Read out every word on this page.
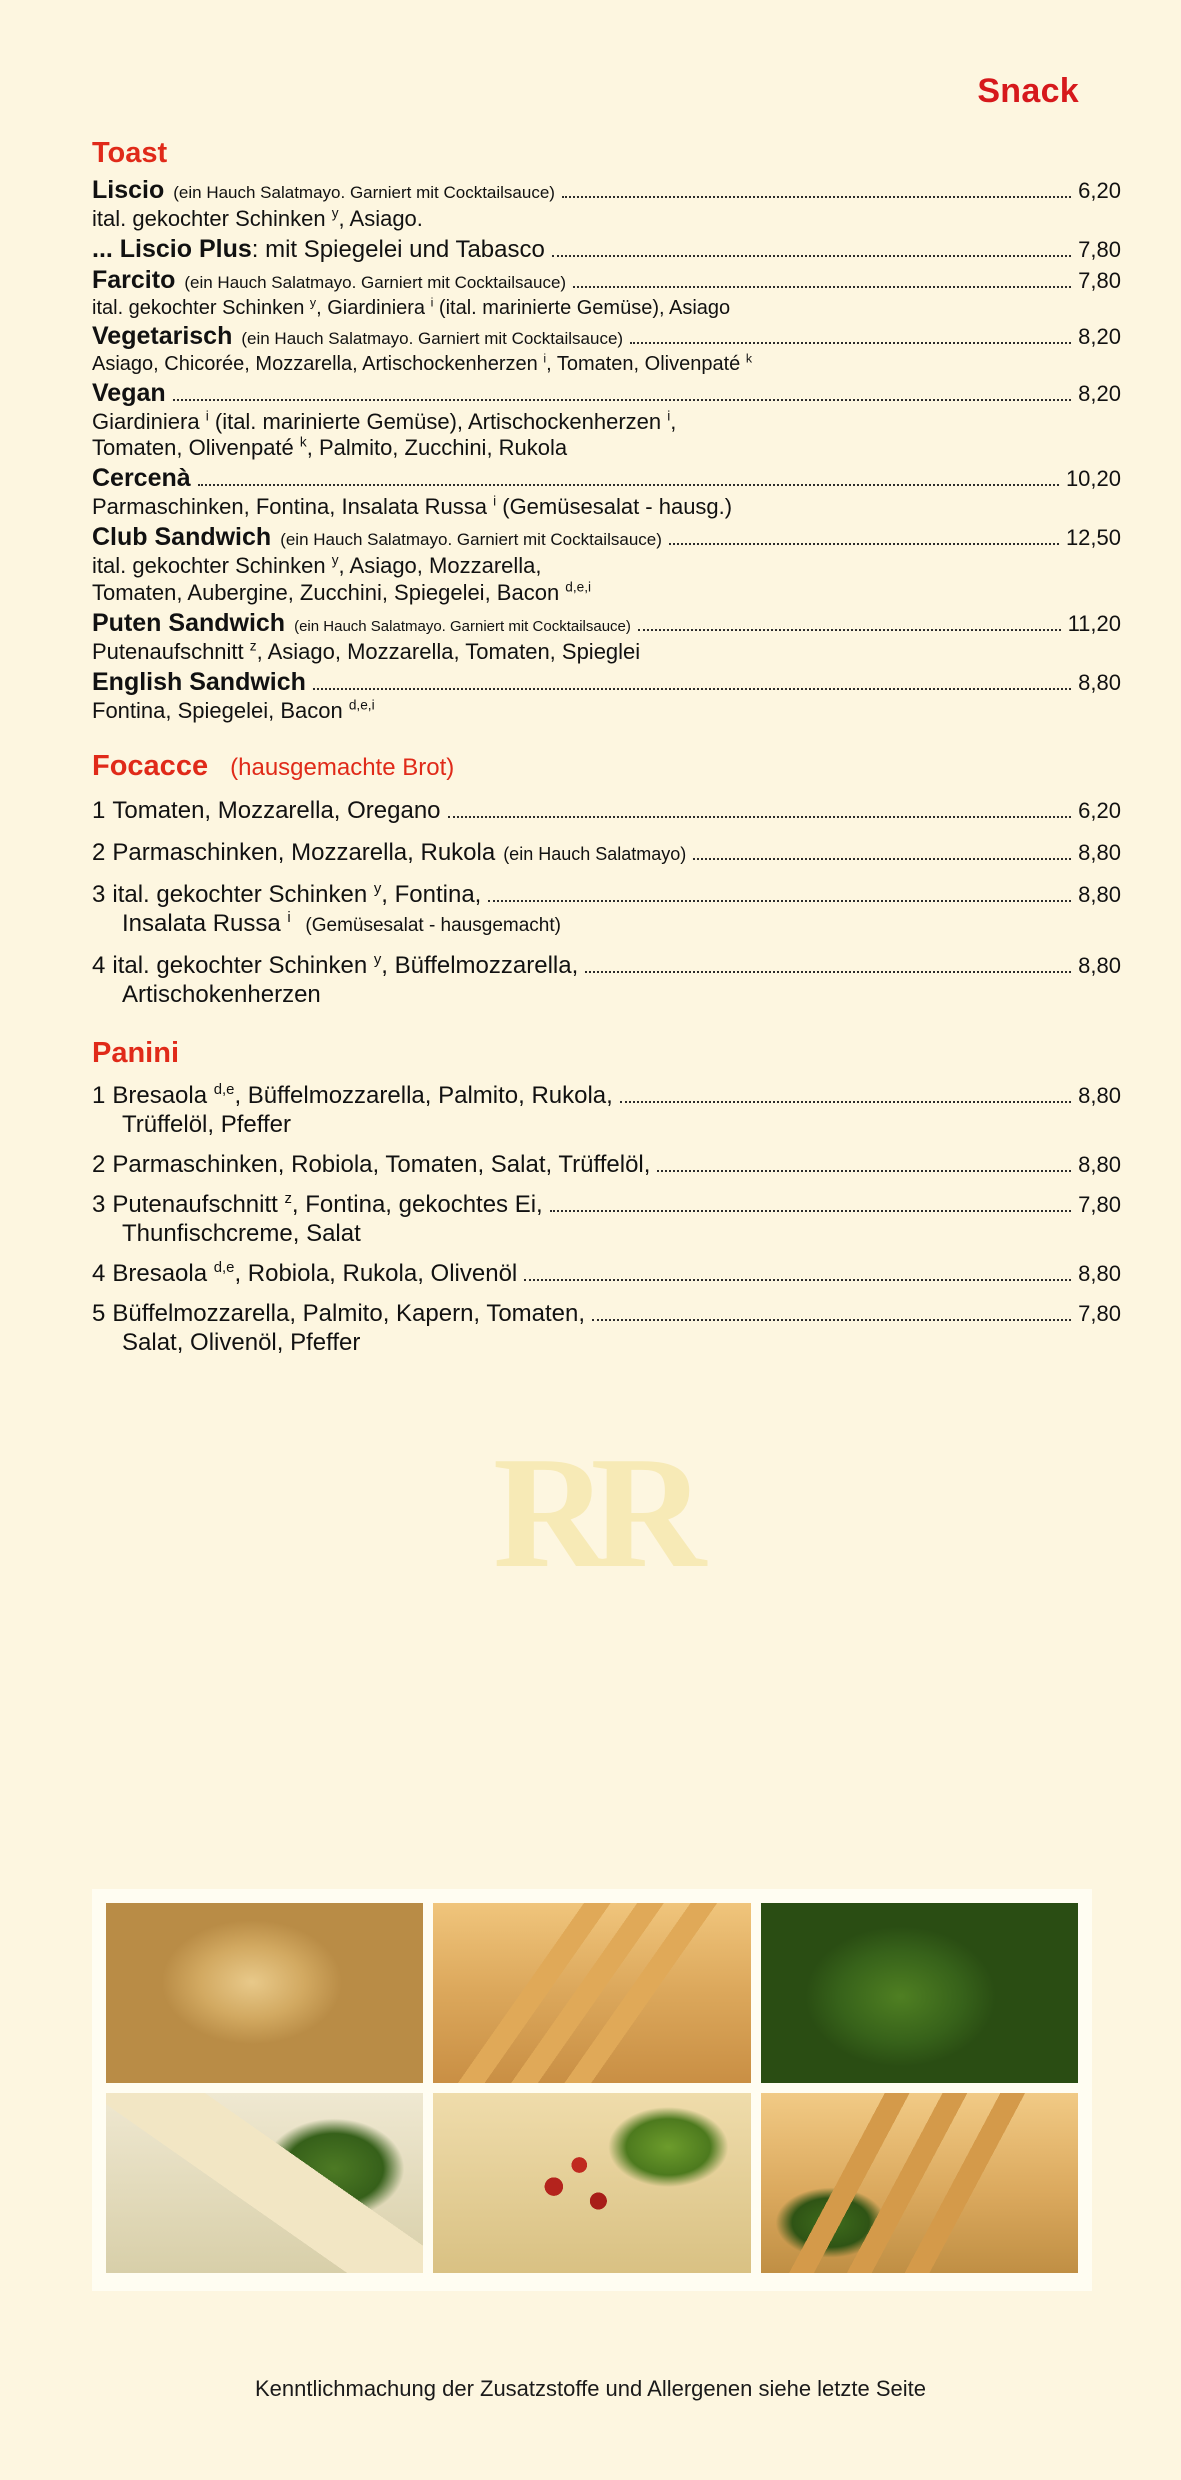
RR
Snack
Toast
Liscio (ein Hauch Salatmayo. Garniert mit Cocktailsauce)	6,20
ital. gekochter Schinken $^y$, Asiago.
... Liscio Plus : mit Spiegelei und Tabasco	7,80
Farcito (ein Hauch Salatmayo. Garniert mit Cocktailsauce)	7,80
ital. gekochter Schinken $^y$, Giardiniera $^i$ (ital. marinierte Gemüse), Asiago
Vegetarisch (ein Hauch Salatmayo. Garniert mit Cocktailsauce)	8,20
Asiago, Chicorée, Mozzarella, Artischockenherzen $^i$, Tomaten, Olivenpaté $^k$
Vegan	8,20
Giardiniera $^i$ (ital. marinierte Gemüse), Artischockenherzen $^i$,
Tomaten, Olivenpaté $^k$, Palmito, Zucchini, Rukola
Cercenà	10,20
Parmaschinken, Fontina, Insalata Russa $^i$ (Gemüsesalat - hausg.)
Club Sandwich (ein Hauch Salatmayo. Garniert mit Cocktailsauce)	12,50
ital. gekochter Schinken $^y$, Asiago, Mozzarella,
Tomaten, Aubergine, Zucchini, Spiegelei, Bacon $^{d,e,i}$
Puten Sandwich (ein Hauch Salatmayo. Garniert mit Cocktailsauce)	11,20
Putenaufschnitt $^z$, Asiago, Mozzarella, Tomaten, Spieglei
English Sandwich	8,80
Fontina, Spiegelei, Bacon $^{d,e,i}$
Focacce (hausgemachte Brot)
1 Tomaten, Mozzarella, Oregano	6,20
2 Parmaschinken, Mozzarella, Rukola (ein Hauch Salatmayo)	8,80
3 ital. gekochter Schinken $^y$, Fontina,	8,80
Insalata Russa $^i$ (Gemüsesalat - hausgemacht)
4 ital. gekochter Schinken $^y$, Büffelmozzarella,	8,80
Artischokenherzen
Panini
1 Bresaola $^{d,e}$, Büffelmozzarella, Palmito, Rukola,	8,80
Trüffelöl, Pfeffer
2 Parmaschinken, Robiola, Tomaten, Salat, Trüffelöl,	8,80
3 Putenaufschnitt $^z$, Fontina, gekochtes Ei,	7,80
Thunfischcreme, Salat
4 Bresaola $^{d,e}$, Robiola, Rukola, Olivenöl	8,80
5 Büffelmozzarella, Palmito, Kapern, Tomaten,	7,80
Salat, Olivenöl, Pfeffer
Kenntlichmachung der Zusatzstoffe und Allergenen siehe letzte Seite
